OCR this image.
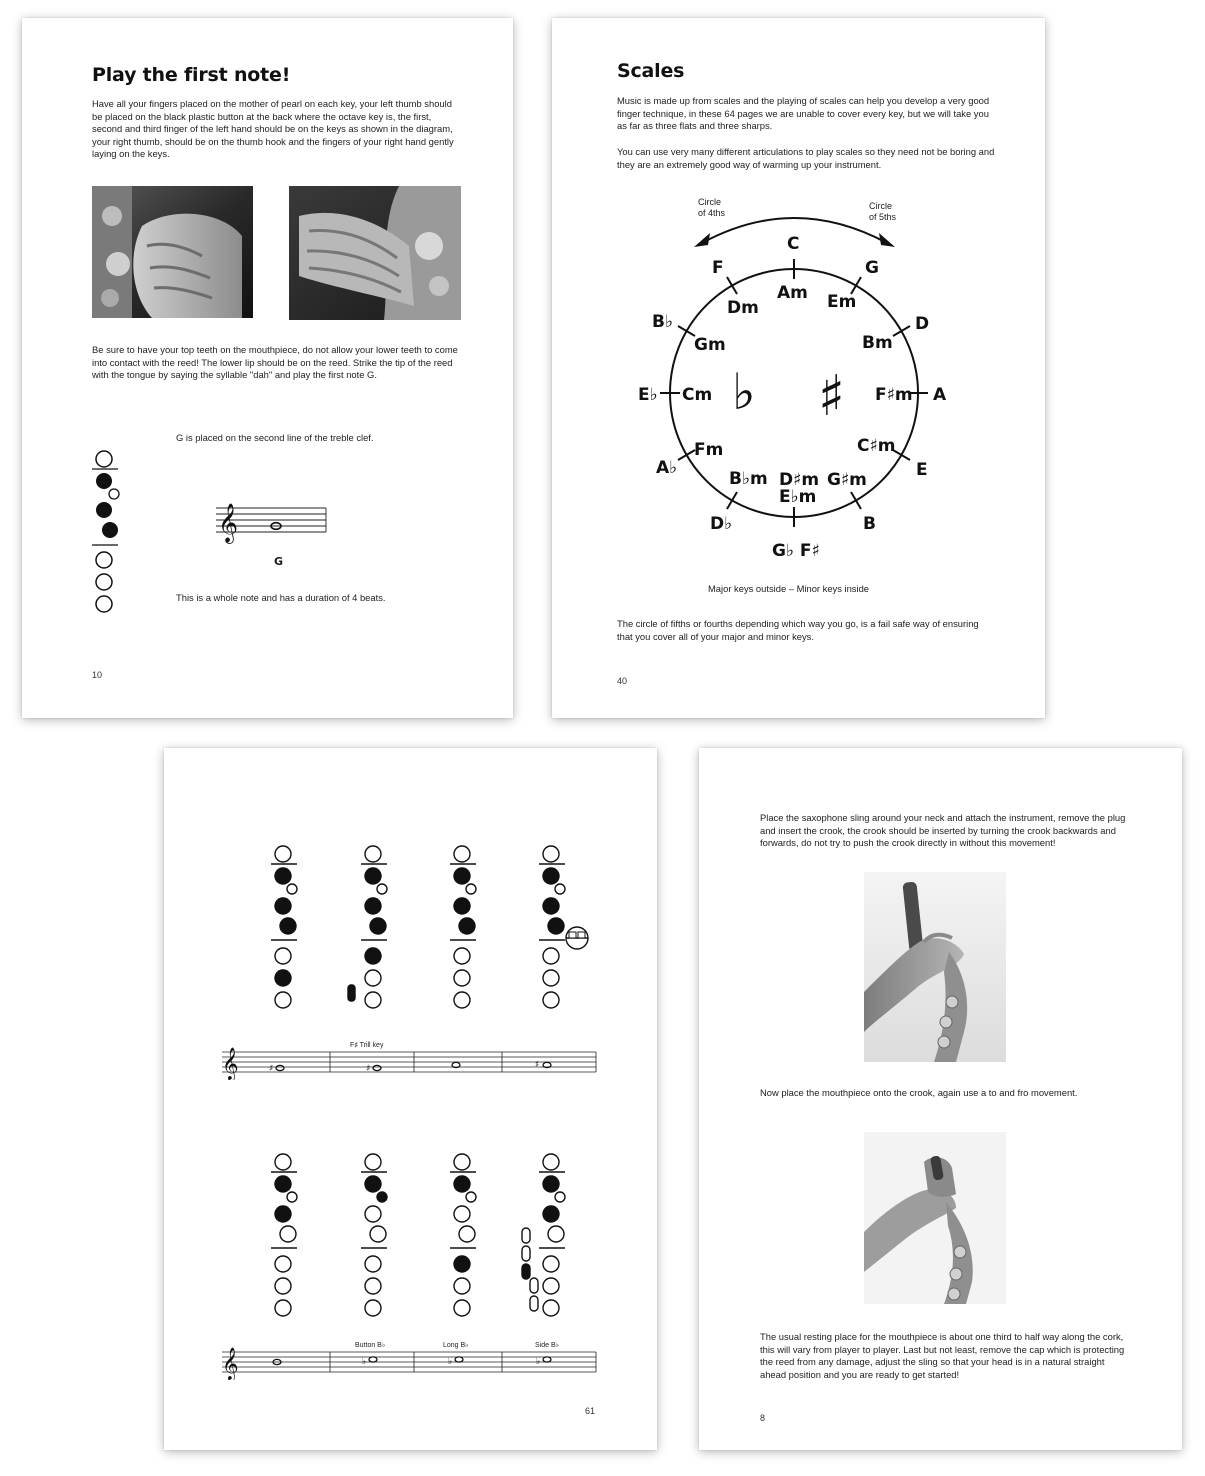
Play the first note!
Have all your fingers placed on the mother of pearl on each key, your left thumb should be placed on the black plastic button at the back where the octave key is, the first, second and third finger of the left hand should be on the keys as shown in the diagram, your right thumb, should be on the thumb hook and the fingers of your right hand gently laying on the keys.
Be sure to have your top teeth on the mouthpiece, do not allow your lower teeth to come into contact with the reed! The lower lip should be on the reed. Strike the tip of the reed with the tongue by saying the syllable "dah" and play the first note G.
G is placed on the second line of the treble clef.
𝄞
G
This is a whole note and has a duration of 4 beats.
10
Scales
Music is made up from scales and the playing of scales can help you develop a very good finger technique, in these 64 pages we are unable to cover every key, but we will take you as far as three flats and three sharps.
You can use very many different articulations to play scales so they need not be boring and they are an extremely good way of warming up your instrument.
Circle
of 4ths
Circle
of 5ths
C
G
D
A
E
B
G♭ F♯
D♭
A♭
E♭
B♭
F
Am Em
Bm
F♯m
C♯m
G♯m
D♯m
E♭m
B♭m
Fm
Cm
Gm
Dm
♭ ♯
Major keys outside – Minor keys inside
The circle of fifths or fourths depending which way you go, is a fail safe way of ensuring that you cover all of your major and minor keys.
40
𝄞	♯	♯	♯
F♯ Trill key
𝄞	♭	♭	♭
Button B♭	Long B♭	Side B♭
61
Place the saxophone sling around your neck and attach the instrument, remove the plug and insert the crook, the crook should be inserted by turning the crook backwards and forwards, do not try to push the crook directly in without this movement!
Now place the mouthpiece onto the crook, again use a to and fro movement.
The usual resting place for the mouthpiece is about one third to half way along the cork, this will vary from player to player. Last but not least, remove the cap which is protecting the reed from any damage, adjust the sling so that your head is in a natural straight ahead position and you are ready to get started!
8
